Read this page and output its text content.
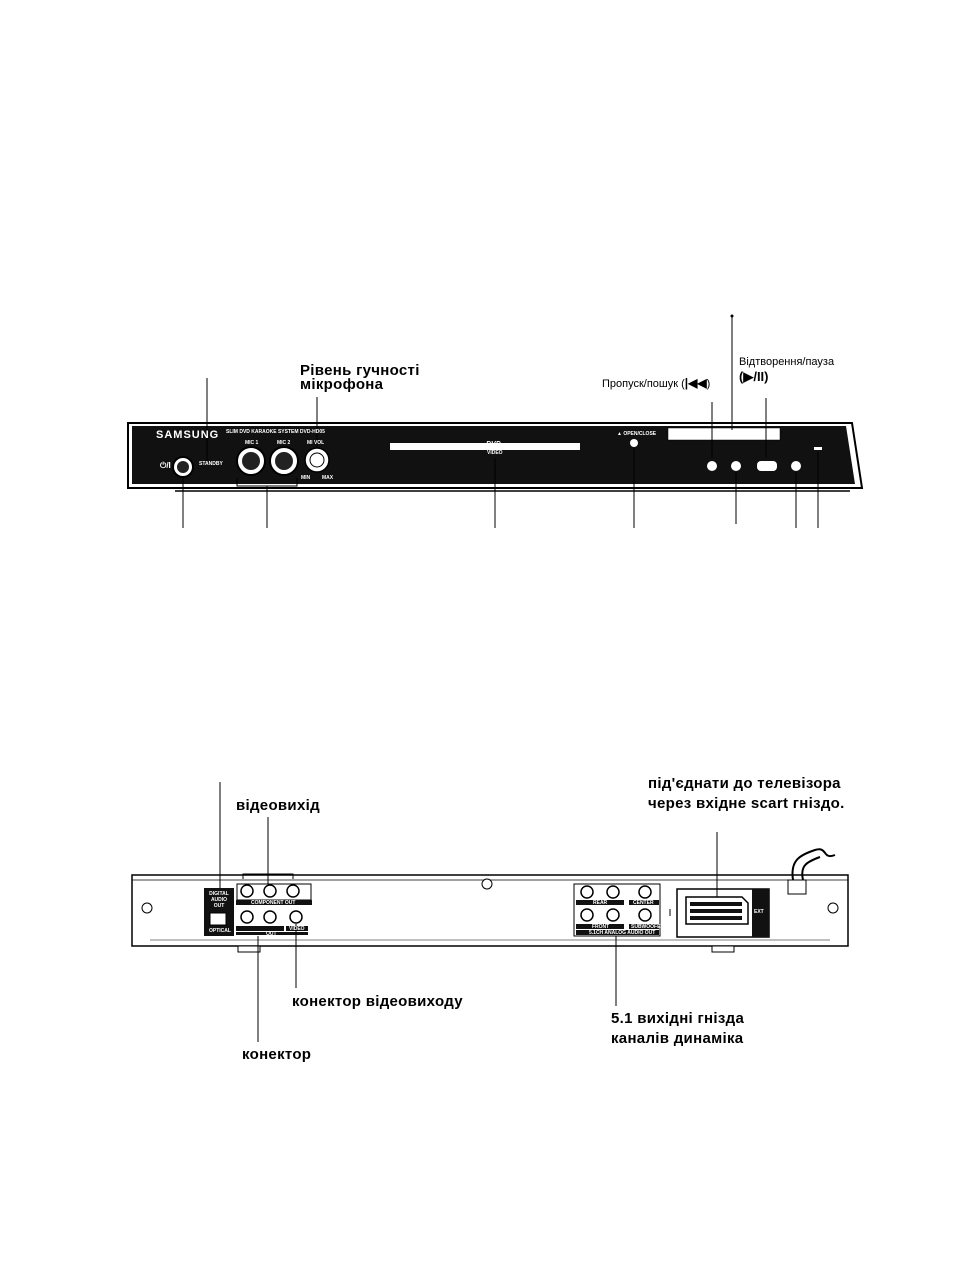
Рівень гучності
мікрофона	Пропуск/пошук (|◀◀)
Відтворення/пауза
(▶/II)
SAMSUNG SLIM DVD KARAOKE SYSTEM DVD-HD05
MIC 1	MIC 2	MI VOL
MIN MAX
STANDBY
⏻/I
▲ OPEN/CLOSE
DVD
VIDEO
відеовихід
під'єднати до телевізора
через вхідне scart гніздо.
конектор відеовиходу
конектор
5.1 вихідні гнізда
каналів динаміка
DIGITAL AUDIO OUT
OPTICAL
COMPONENT OUT
OUT
VIDEO
REAR	CENTER
FRONT	SUBWOOFER
5.1CH ANALOG AUDIO OUT
EXT
